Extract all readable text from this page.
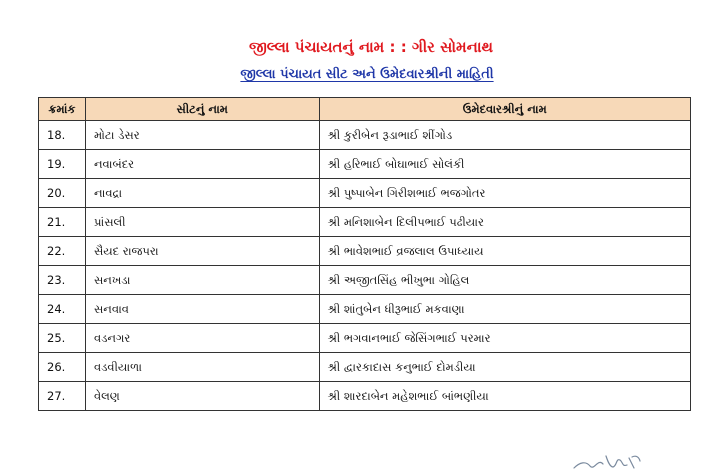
જીલ્લા પંચાયતનું નામ : : ગીર સોમનાથ
જીલ્લા પંચાયત સીટ અને ઉમેદવારશ્રીની માહિતી
ક્રમાંક	સીટનું નામ	ઉમેદવારશ્રીનું નામ
18.	મોટા ડેસર	શ્રી કુરીબેન રૂડાભાઈ શીંગોડ
19.	નવાબંદર	શ્રી હરિભાઈ બોઘાભાઈ સોલંકી
20.	નાવદ્રા	શ્રી પુષ્પાબેન ગિરીશભાઈ ભજગોતર
21.	પ્રાંસલી	શ્રી મનિશાબેન દિલીપભાઈ પઢીયાર
22.	સૈયદ રાજપરા	શ્રી ભાવેશભાઈ વ્રજલાલ ઉપાધ્યાય
23.	સનખડા	શ્રી અજીતસિંહ ભીખુભા ગોહિલ
24.	સનવાવ	શ્રી શાંતુબેન ધીરૂભાઈ મકવાણા
25.	વડનગર	શ્રી ભગવાનભાઈ જેસિંગભાઈ પરમાર
26.	વડવીયાળા	શ્રી દ્વારકાદાસ કનુભાઈ દોમડીયા
27.	વેલણ	શ્રી શારદાબેન મહેશભાઈ બાંભણીયા
